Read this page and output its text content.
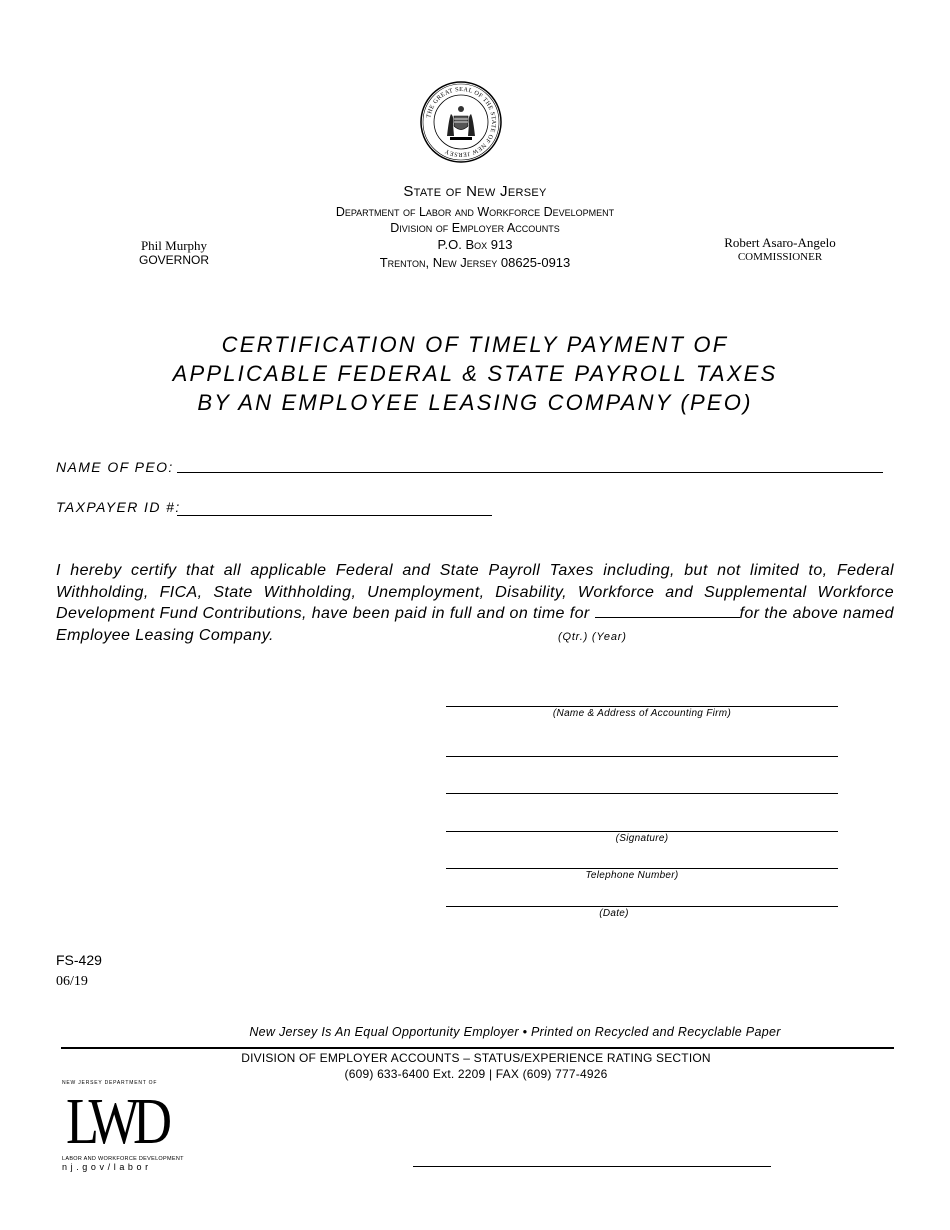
THE GREAT SEAL OF THE STATE OF NEW JERSEY
State of New Jersey
Department of Labor and Workforce Development
Division of Employer Accounts
P.O. Box 913
Trenton, New Jersey 08625-0913
Phil Murphy
GOVERNOR
Robert Asaro-Angelo
COMMISSIONER
CERTIFICATION OF TIMELY PAYMENT OF
APPLICABLE FEDERAL & STATE PAYROLL TAXES
BY AN EMPLOYEE LEASING COMPANY (PEO)
NAME OF PEO:
TAXPAYER ID #:
I hereby certify that all applicable Federal and State Payroll Taxes including, but not limited to, Federal Withholding, FICA, State Withholding, Unemployment, Disability, Workforce and Supplemental Workforce Development Fund Contributions, have been paid in full and on time for	for the above named Employee Leasing Company.	(Qtr.) (Year)
(Name & Address of Accounting Firm)
(Signature)
Telephone Number)
(Date)
FS-429
06/19
New Jersey Is An Equal Opportunity Employer • Printed on Recycled and Recyclable Paper
DIVISION OF EMPLOYER ACCOUNTS – STATUS/EXPERIENCE RATING SECTION
(609) 633-6400 Ext. 2209 | FAX (609) 777-4926
NEW JERSEY DEPARTMENT OF
LWD
LABOR AND WORKFORCE DEVELOPMENT
nj.gov/labor
